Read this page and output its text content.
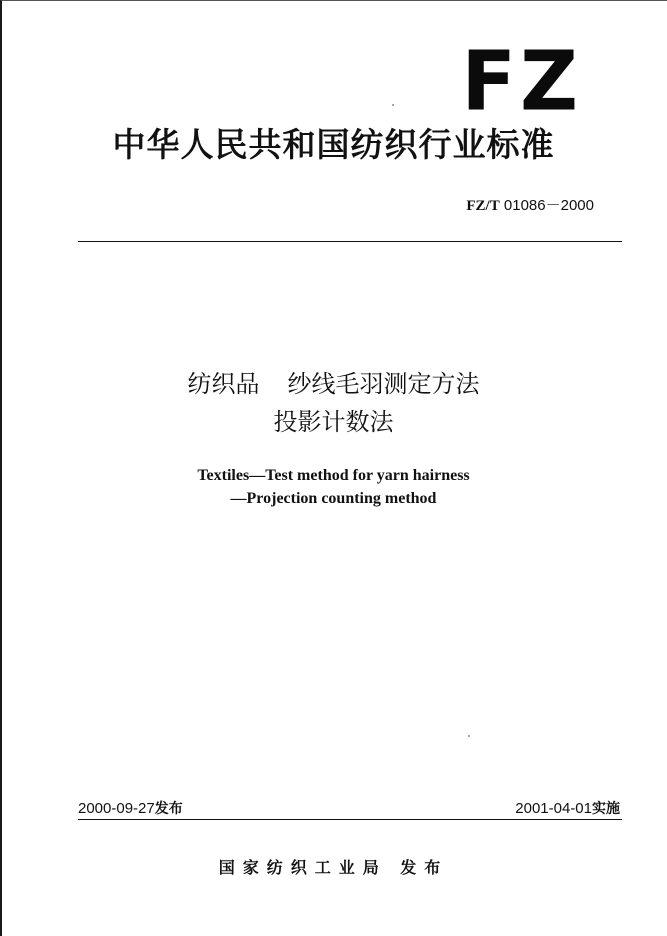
FZ
中华人民共和国纺织行业标准
FZ/T 01086－2000
纺织品 纱线毛羽测定方法
投影计数法
Textiles—Test method for yarn hairness
—Projection counting method
2000-09-27发布	2001-04-01实施
国家纺织工业局 发布
